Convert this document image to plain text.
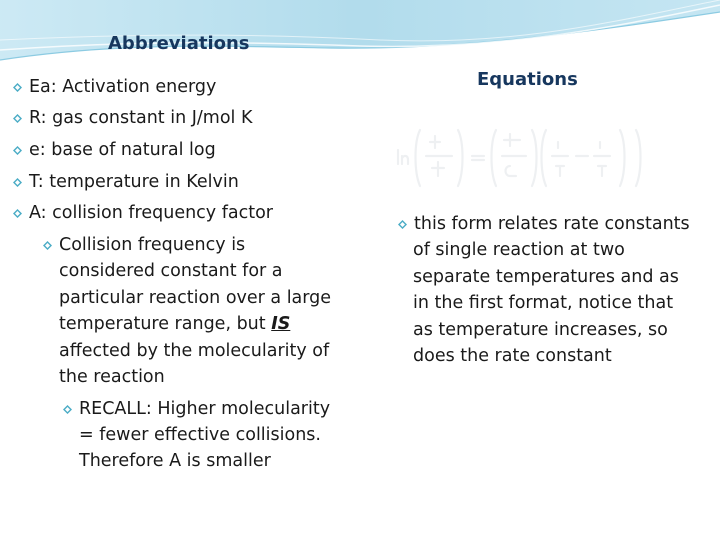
Abbreviations
Equations
Ea: Activation energy
R: gas constant in J/mol K
e: base of natural log
T: temperature in Kelvin
A: collision frequency factor
Collision frequency is
considered constant for a
particular reaction over a large
temperature range, but IS
affected by the molecularity of
the reaction
RECALL: Higher molecularity
= fewer effective collisions.
Therefore A is smaller
this form relates rate constants
of single reaction at two
separate temperatures and as
in the first format, notice that
as temperature increases, so
does the rate constant
